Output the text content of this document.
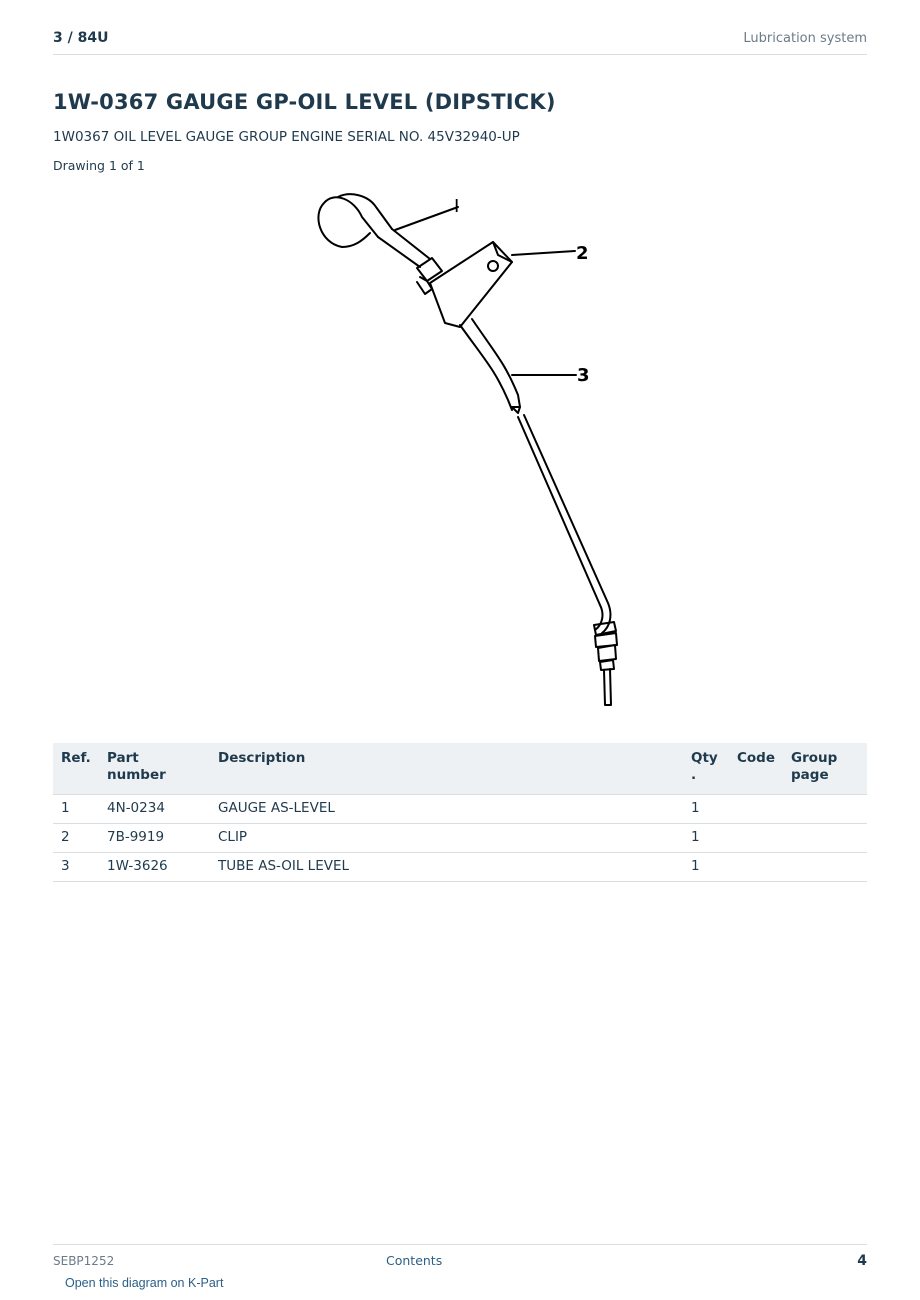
3 / 84U	Lubrication system
1W-0367 GAUGE GP-OIL LEVEL (DIPSTICK)
1W0367 OIL LEVEL GAUGE GROUP ENGINE SERIAL NO. 45V32940-UP
Drawing 1 of 1
I
2
3
Ref.	Part number	Description	Qty .	Code	Group page
1	4N-0234	GAUGE AS-LEVEL	1		
2	7B-9919	CLIP	1		
3	1W-3626	TUBE AS-OIL LEVEL	1		
SEBP1252	Contents	4
Open this diagram on K-Part
